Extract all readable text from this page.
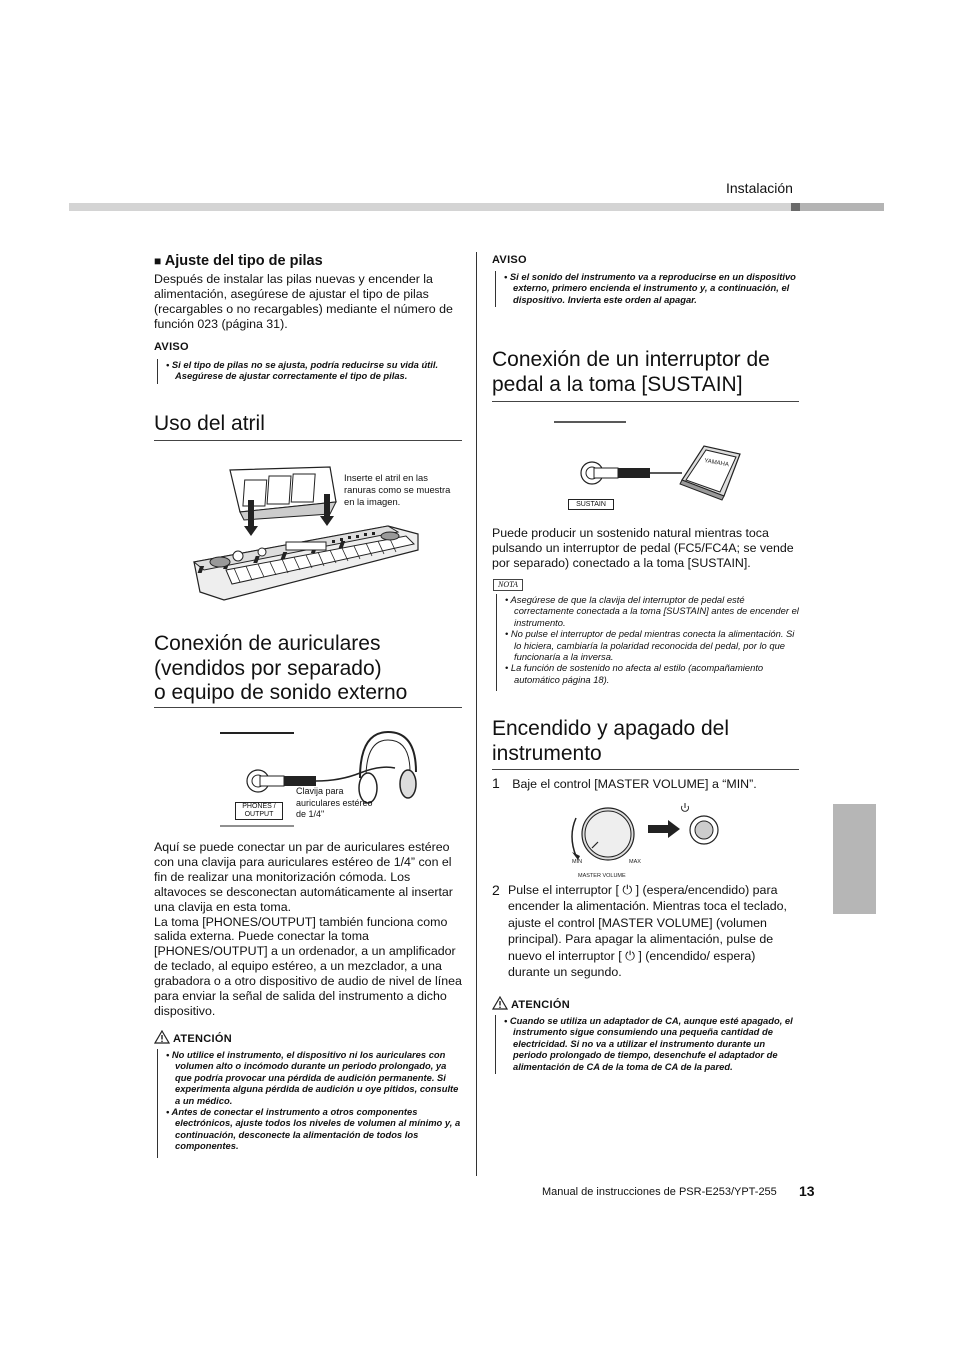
Instalación
■ Ajuste del tipo de pilas
Después de instalar las pilas nuevas y encender la alimentación, asegúrese de ajustar el tipo de pilas (recargables o no recargables) mediante el número de función 023 (página 31).
AVISO

• Si el tipo de pilas no se ajusta, podría reducirse su vida útil. Asegúrese de ajustar correctamente el tipo de pilas.

Uso del atril
Inserte el atril en las ranuras como se muestra en la imagen.
Conexión de auriculares
(vendidos por separado)
o equipo de sonido externo
PHONES / OUTPUT
Clavija para auriculares estéreo de 1/4"
Aquí se puede conectar un par de auriculares estéreo con una clavija para auriculares estéreo de 1/4” con el fin de realizar una monitorización cómoda. Los altavoces se desconectan automáticamente al insertar una clavija en esta toma.
La toma [PHONES/OUTPUT] también funciona como salida externa. Puede conectar la toma [PHONES/OUTPUT] a un ordenador, a un amplificador de teclado, al equipo estéreo, a un mezclador, a una grabadora o a otro dispositivo de audio de nivel de línea para enviar la señal de salida del instrumento a dicho dispositivo.
ATENCIÓN

• No utilice el instrumento, el dispositivo ni los auriculares con volumen alto o incómodo durante un periodo prolongado, ya que podría provocar una pérdida de audición permanente. Si experimenta alguna pérdida de audición u oye pitidos, consulte a un médico.

• Antes de conectar el instrumento a otros componentes electrónicos, ajuste todos los niveles de volumen al mínimo y, a continuación, desconecte la alimentación de todos los componentes.

AVISO

• Si el sonido del instrumento va a reproducirse en un dispositivo externo, primero encienda el instrumento y, a continuación, el dispositivo. Invierta este orden al apagar.

Conexión de un interruptor de
pedal a la toma [SUSTAIN]
YAMAHA
SUSTAIN
Puede producir un sostenido natural mientras toca pulsando un interruptor de pedal (FC5/FC4A; se vende por separado) conectado a la toma [SUSTAIN].
NOTA

• Asegúrese de que la clavija del interruptor de pedal esté correctamente conectada a la toma [SUSTAIN] antes de encender el instrumento.

• No pulse el interruptor de pedal mientras conecta la alimentación. Si lo hiciera, cambiaría la polaridad reconocida del pedal, por lo que funcionaría a la inversa.

• La función de sostenido no afecta al estilo (acompañamiento automático página 18).

Encendido y apagado del
instrumento
1 Baje el control [MASTER VOLUME] a “MIN”.
MIN	MAX
MASTER VOLUME
2 Pulse el interruptor [ ⏻ ] (espera/encendido) para encender la alimentación. Mientras toca el teclado, ajuste el control [MASTER VOLUME] (volumen principal). Para apagar la alimentación, pulse de nuevo el interruptor [ ⏻ ] (encendido/ espera) durante un segundo.
ATENCIÓN

• Cuando se utiliza un adaptador de CA, aunque esté apagado, el instrumento sigue consumiendo una pequeña cantidad de electricidad. Si no va a utilizar el instrumento durante un periodo prolongado de tiempo, desenchufe el adaptador de alimentación de CA de la toma de CA de la pared.

Manual de instrucciones de PSR-E253/YPT-255 13
